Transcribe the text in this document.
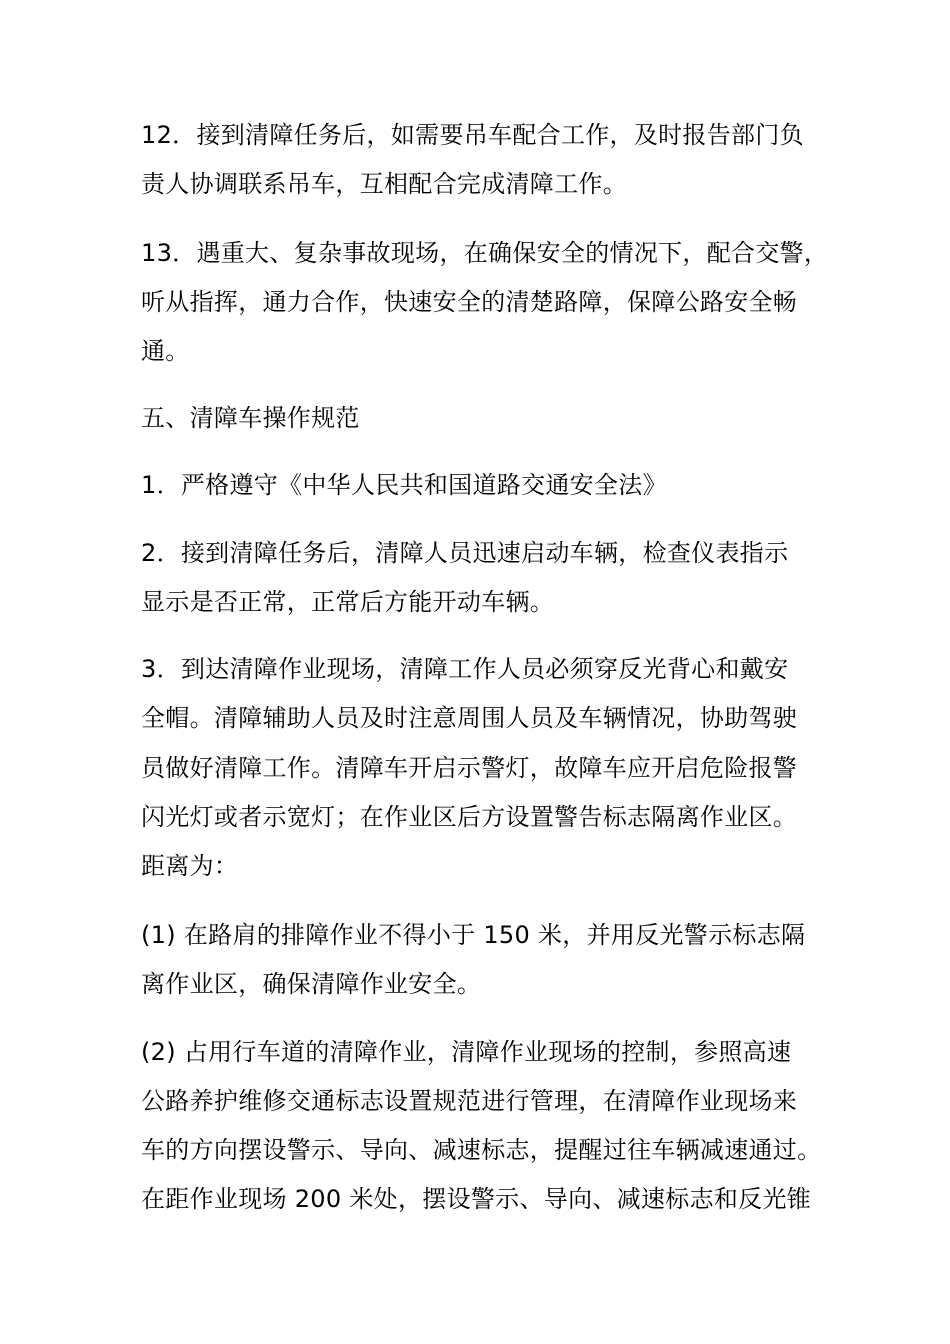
12．接到清障任务后，如需要吊车配合工作，及时报告部门负
责人协调联系吊车，互相配合完成清障工作。
13．遇重大、复杂事故现场，在确保安全的情况下，配合交警，
听从指挥，通力合作，快速安全的清楚路障，保障公路安全畅
通。
五、清障车操作规范
1．严格遵守《中华人民共和国道路交通安全法》
2．接到清障任务后，清障人员迅速启动车辆，检查仪表指示
显示是否正常，正常后方能开动车辆。
3．到达清障作业现场，清障工作人员必须穿反光背心和戴安
全帽。清障辅助人员及时注意周围人员及车辆情况，协助驾驶
员做好清障工作。清障车开启示警灯，故障车应开启危险报警
闪光灯或者示宽灯；在作业区后方设置警告标志隔离作业区。
距离为：
(1) 在路肩的排障作业不得小于 150 米，并用反光警示标志隔
离作业区，确保清障作业安全。
(2) 占用行车道的清障作业，清障作业现场的控制，参照高速
公路养护维修交通标志设置规范进行管理，在清障作业现场来
车的方向摆设警示、导向、减速标志，提醒过往车辆减速通过。
在距作业现场 200 米处，摆设警示、导向、减速标志和反光锥
